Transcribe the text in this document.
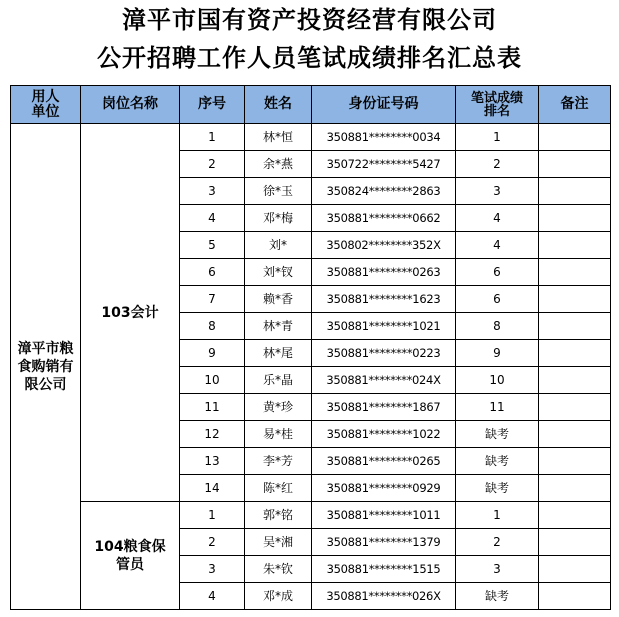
漳平市国有资产投资经营有限公司
公开招聘工作人员笔试成绩排名汇总表
用人单位	岗位名称	序号	姓名	身份证号码	笔试成绩排名	备注
漳平市粮食购销有限公司	103会计	1	林*恒	350881********0034	1	
		2	余*燕	350722********5427	2	
		3	徐*玉	350824********2863	3	
		4	邓*梅	350881********0662	4	
		5	刘*	350802********352X	4	
		6	刘*钗	350881********0263	6	
		7	赖*香	350881********1623	6	
		8	林*青	350881********1021	8	
		9	林*尾	350881********0223	9	
		10	乐*晶	350881********024X	10	
		11	黄*珍	350881********1867	11	
		12	易*桂	350881********1022	缺考	
		13	李*芳	350881********0265	缺考	
		14	陈*红	350881********0929	缺考	
	104粮食保管员	1	郭*铭	350881********1011	1	
		2	吴*湘	350881********1379	2	
		3	朱*钦	350881********1515	3	
		4	邓*成	350881********026X	缺考	
